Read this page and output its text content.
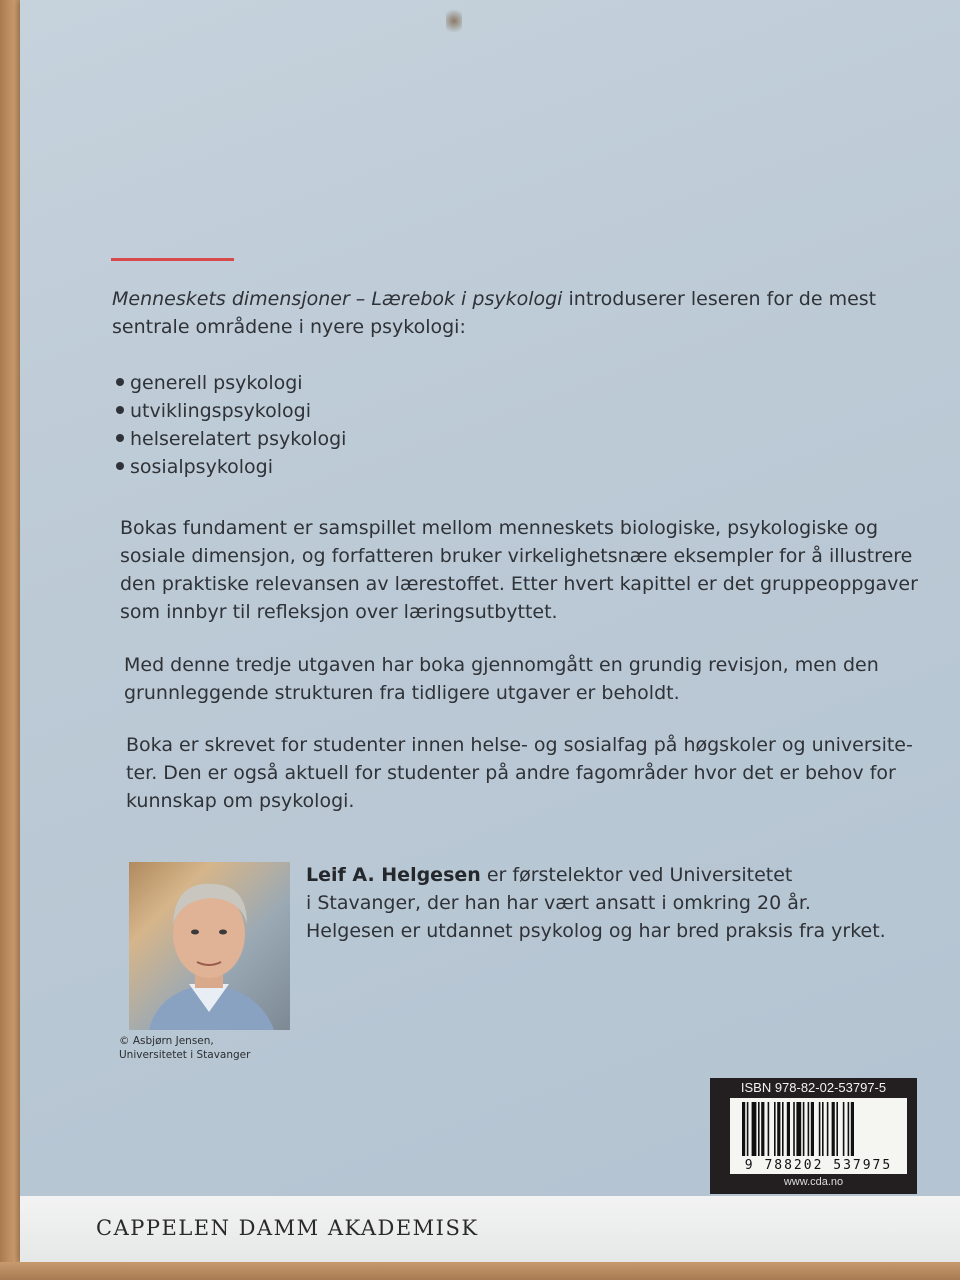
Menneskets dimensjoner – Lærebok i psykologi introduserer leseren for de mest
sentrale områdene i nyere psykologi:
generell psykologi
utviklingspsykologi
helserelatert psykologi
sosialpsykologi
Bokas fundament er samspillet mellom menneskets biologiske, psykologiske og
sosiale dimensjon, og forfatteren bruker virkelighetsnære eksempler for å illustrere
den praktiske relevansen av lærestoffet. Etter hvert kapittel er det gruppeoppgaver
som innbyr til refleksjon over læringsutbyttet.
Med denne tredje utgaven har boka gjennomgått en grundig revisjon, men den
grunnleggende strukturen fra tidligere utgaver er beholdt.
Boka er skrevet for studenter innen helse- og sosialfag på høgskoler og universite-
ter. Den er også aktuell for studenter på andre fagområder hvor det er behov for
kunnskap om psykologi.
© Asbjørn Jensen,
Universitetet i Stavanger
Leif A. Helgesen er førstelektor ved Universitetet
i Stavanger, der han har vært ansatt i omkring 20 år.
Helgesen er utdannet psykolog og har bred praksis fra yrket.
ISBN 978-82-02-53797-5
9 788202 537975
www.cda.no
CAPPELEN DAMM AKADEMISK
